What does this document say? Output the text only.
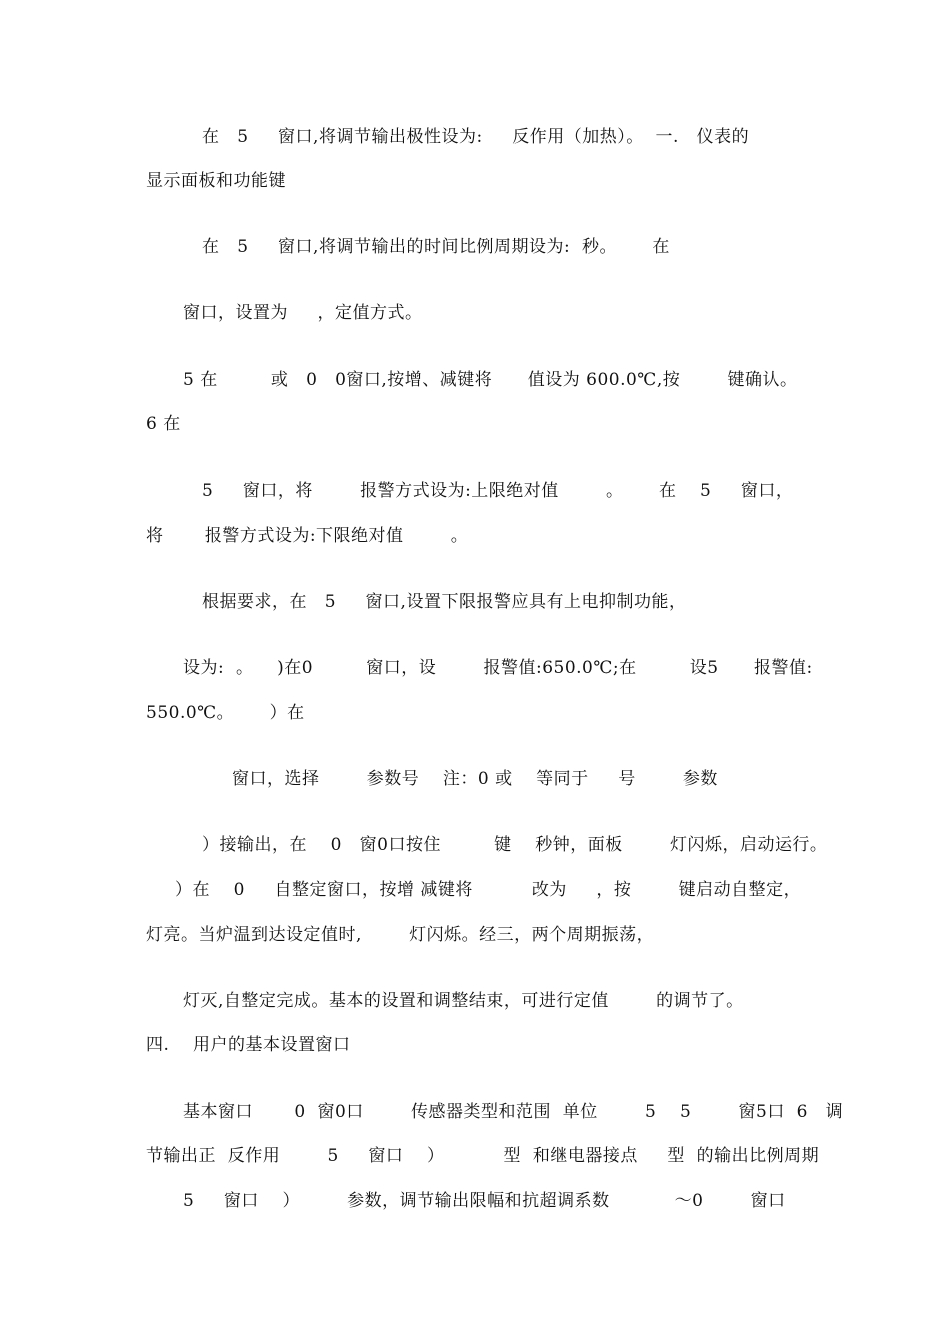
在   5     窗口,将调节输出极性设为:     反作用（加热）。  一.   仪表的
显示面板和功能键
在   5     窗口,将调节输出的时间比例周期设为:  秒。      在
窗口，设置为     ，定值方式。
5 在         或   0   0窗口,按增、减键将      值设为 600.0℃,按        键确认。
6 在
5     窗口，将        报警方式设为:上限绝对值        。      在    5     窗口，
将       报警方式设为:下限绝对值        。
根据要求，在   5     窗口,设置下限报警应具有上电抑制功能，
设为:  。    )在0         窗口，设        报警值:650.0℃;在         设5      报警值:
550.0℃。      ）在
窗口，选择        参数号    注：0 或    等同于     号        参数
）接输出，在    0   窗0口按住         键    秒钟，面板        灯闪烁，启动运行。
）在    0     自整定窗口，按增 减键将          改为     ，按        键启动自整定，
灯亮。当炉温到达设定值时,        灯闪烁。经三，两个周期振荡，
灯灭,自整定完成。基本的设置和调整结束，可进行定值        的调节了。
四.    用户的基本设置窗口
基本窗口       0  窗0口        传感器类型和范围  单位        5    5        窗5口  6   调
节输出正  反作用        5     窗口    ）          型  和继电器接点     型  的输出比例周期
5     窗口    ）        参数，调节输出限幅和抗超调系数           ～0        窗口
